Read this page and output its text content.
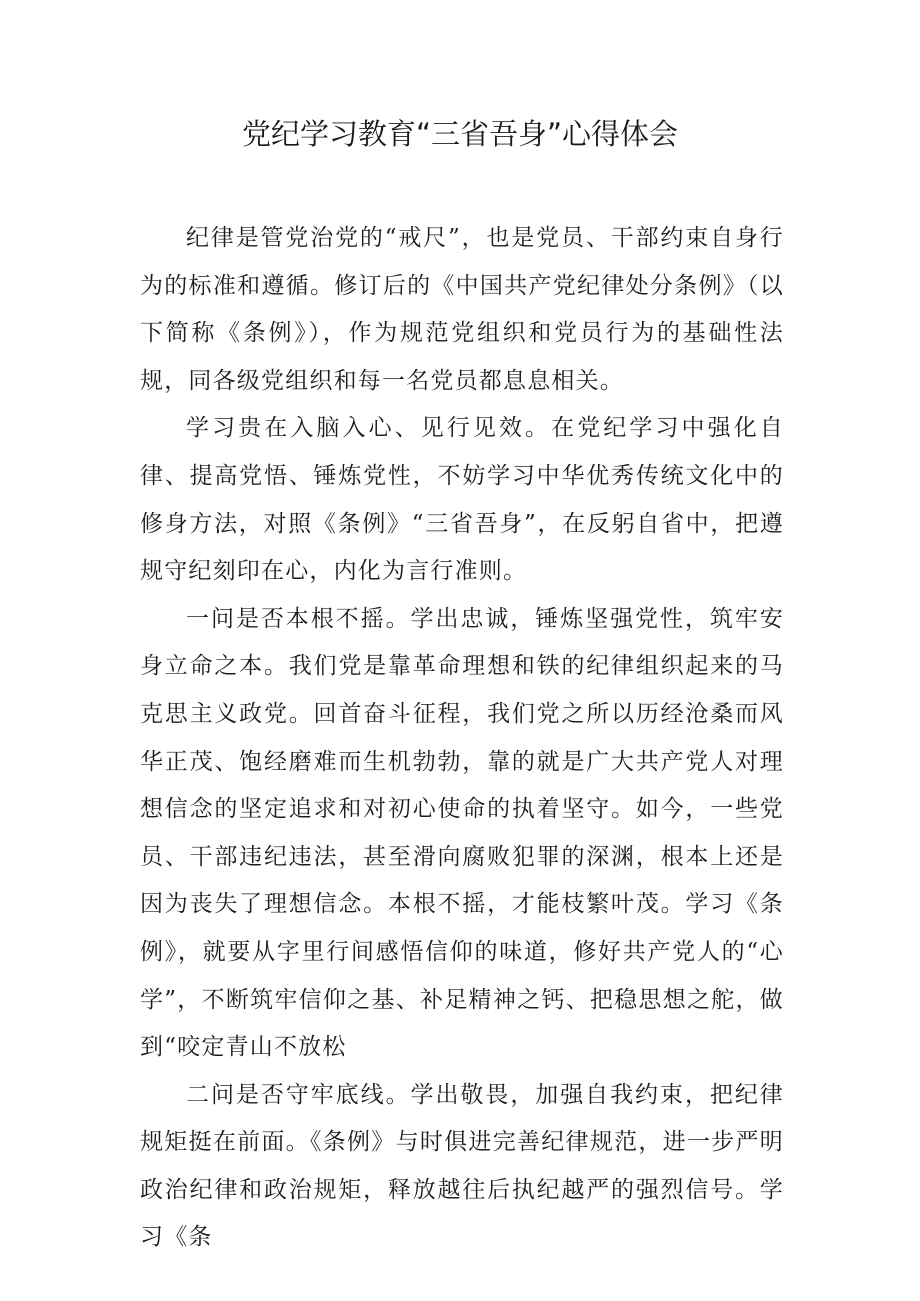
党纪学习教育“三省吾身”心得体会

纪律是管党治党的“戒尺”，也是党员、干部约束自身行为的标准和遵循。修订后的《中国共产党纪律处分条例》（以下简称《条例》），作为规范党组织和党员行为的基础性法规，同各级党组织和每一名党员都息息相关。

学习贵在入脑入心、见行见效。在党纪学习中强化自律、提高党悟、锤炼党性，不妨学习中华优秀传统文化中的修身方法，对照《条例》“三省吾身”，在反躬自省中，把遵规守纪刻印在心，内化为言行准则。

一问是否本根不摇。学出忠诚，锤炼坚强党性，筑牢安身立命之本。我们党是靠革命理想和铁的纪律组织起来的马克思主义政党。回首奋斗征程，我们党之所以历经沧桑而风华正茂、饱经磨难而生机勃勃，靠的就是广大共产党人对理想信念的坚定追求和对初心使命的执着坚守。如今，一些党员、干部违纪违法，甚至滑向腐败犯罪的深渊，根本上还是因为丧失了理想信念。本根不摇，才能枝繁叶茂。学习《条例》，就要从字里行间感悟信仰的味道，修好共产党人的“心学”，不断筑牢信仰之基、补足精神之钙、把稳思想之舵，做到“咬定青山不放松

二问是否守牢底线。学出敬畏，加强自我约束，把纪律规矩挺在前面。《条例》与时俱进完善纪律规范，进一步严明政治纪律和政治规矩，释放越往后执纪越严的强烈信号。学习《条
